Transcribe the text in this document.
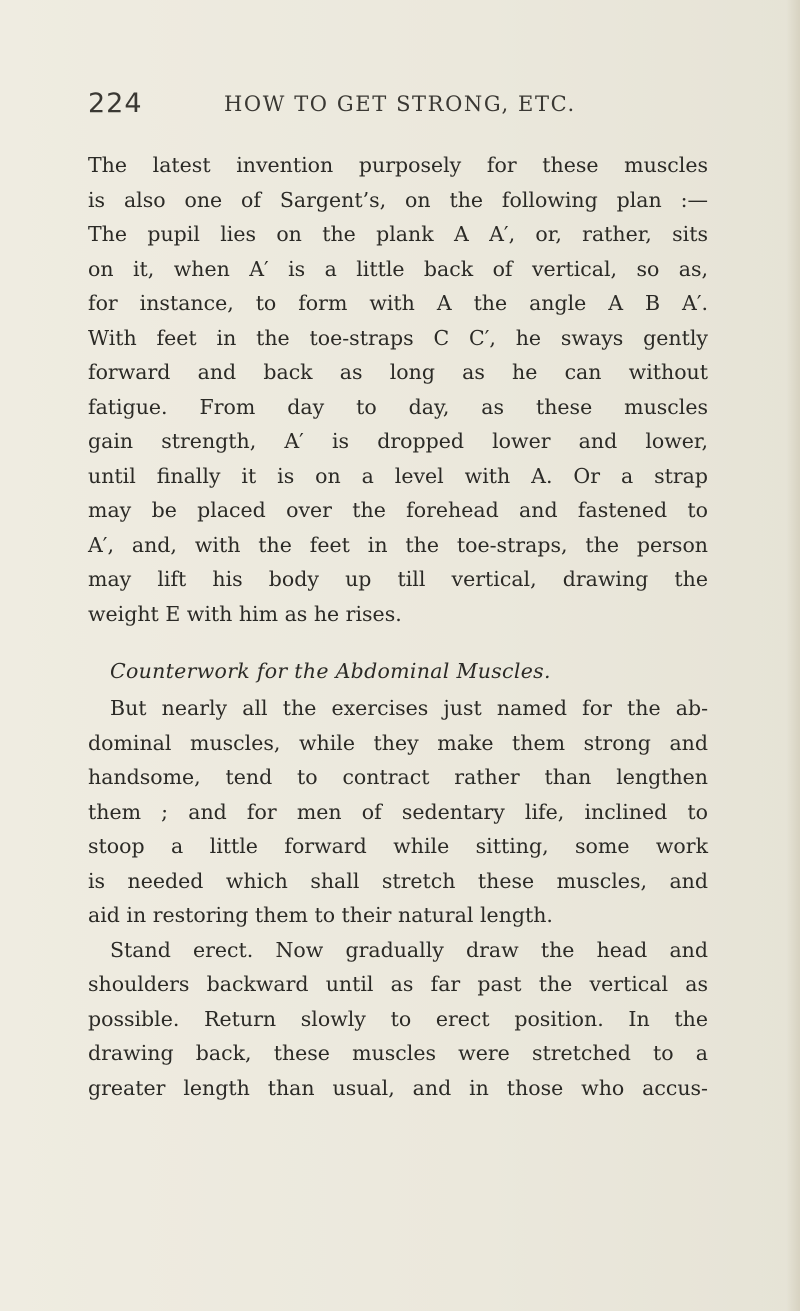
224	HOW TO GET STRONG, ETC.
The latest invention purposely for these muscles
is also one of Sargent’s, on the following plan :—
The pupil lies on the plank A A′, or, rather, sits
on it, when A′ is a little back of vertical, so as,
for instance, to form with A the angle A B A′.
With feet in the toe-straps C C′, he sways gently
forward and back as long as he can without
fatigue. From day to day, as these muscles
gain strength, A′ is dropped lower and lower,
until finally it is on a level with A. Or a strap
may be placed over the forehead and fastened to
A′, and, with the feet in the toe-straps, the person
may lift his body up till vertical, drawing the
weight E with him as he rises.
Counterwork for the Abdominal Muscles.
But nearly all the exercises just named for the ab-
dominal muscles, while they make them strong and
handsome, tend to contract rather than lengthen
them ; and for men of sedentary life, inclined to
stoop a little forward while sitting, some work
is needed which shall stretch these muscles, and
aid in restoring them to their natural length.
Stand erect. Now gradually draw the head and
shoulders backward until as far past the vertical as
possible. Return slowly to erect position. In the
drawing back, these muscles were stretched to a
greater length than usual, and in those who accus-
